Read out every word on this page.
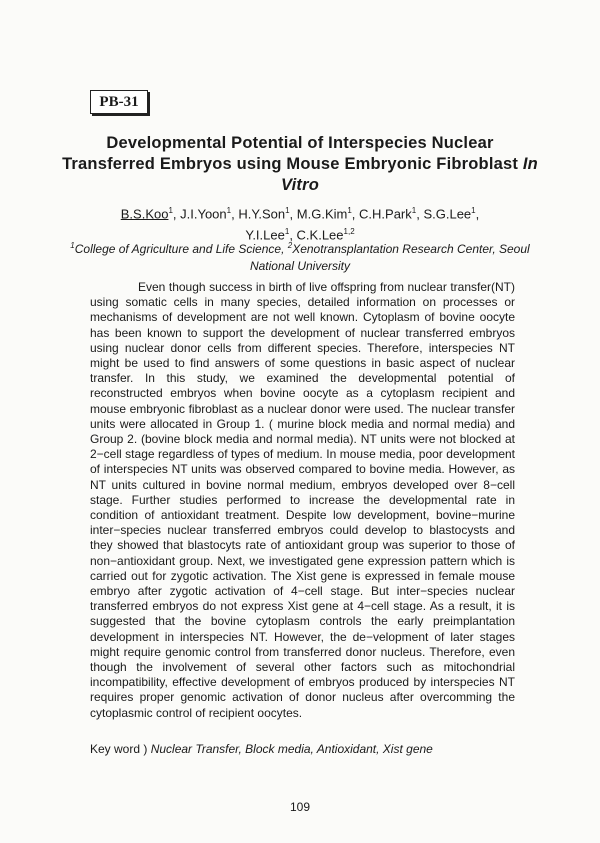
PB-31
Developmental Potential of Interspecies Nuclear Transferred Embryos using Mouse Embryonic Fibroblast In Vitro
B.S.Koo$^1$, J.I.Yoon$^1$, H.Y.Son$^1$, M.G.Kim$^1$, C.H.Park$^1$, S.G.Lee$^1$,
Y.I.Lee$^1$, C.K.Lee$^{1,2}$
$^1$College of Agriculture and Life Science, $^2$Xenotransplantation Research Center, Seoul National University

Even though success in birth of live offspring from nuclear transfer(NT) using somatic cells in many species, detailed information on processes or mechanisms of development are not well known. Cytoplasm of bovine oocyte has been known to support the development of nuclear transferred embryos using nuclear donor cells from different species. Therefore, interspecies NT might be used to find answers of some questions in basic aspect of nuclear transfer. In this study, we examined the developmental potential of reconstructed embryos when bovine oocyte as a cytoplasm recipient and mouse embryonic fibroblast as a nuclear donor were used. The nuclear transfer units were allocated in Group 1. ( murine block media and normal media) and Group 2. (bovine block media and normal media). NT units were not blocked at 2−cell stage regardless of types of medium. In mouse media, poor development of interspecies NT units was observed compared to bovine media. However, as NT units cultured in bovine normal medium, embryos developed over 8−cell stage. Further studies performed to increase the developmental rate in condition of antioxidant treatment. Despite low development, bovine−murine inter−species nuclear transferred embryos could develop to blastocysts and they showed that blastocyts rate of antioxidant group was superior to those of non−antioxidant group. Next, we investigated gene expression pattern which is carried out for zygotic activation. The Xist gene is expressed in female mouse embryo after zygotic activation of 4−cell stage. But inter−species nuclear transferred embryos do not express Xist gene at 4−cell stage. As a result, it is suggested that the bovine cytoplasm controls the early preimplantation development in interspecies NT. However, the de−velopment of later stages might require genomic control from transferred donor nucleus. Therefore, even though the involvement of several other factors such as mitochondrial incompatibility, effective development of embryos produced by interspecies NT requires proper genomic activation of donor nucleus after overcomming the cytoplasmic control of recipient oocytes.

Key word ) Nuclear Transfer, Block media, Antioxidant, Xist gene
109
